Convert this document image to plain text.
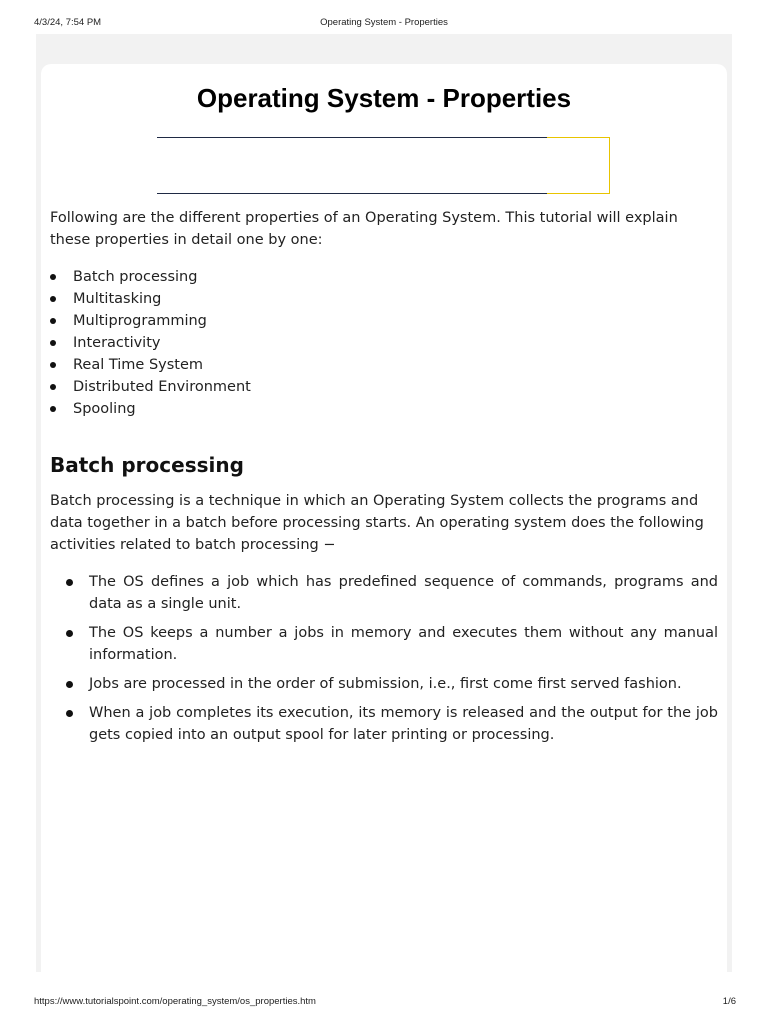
4/3/24, 7:54 PM	Operating System - Properties
Operating System - Properties

Following are the different properties of an Operating System. This tutorial will explain these properties in detail one by one:

Batch processing
Multitasking
Multiprogramming
Interactivity
Real Time System
Distributed Environment
Spooling
Batch processing

Batch processing is a technique in which an Operating System collects the programs and data together in a batch before processing starts. An operating system does the following activities related to batch processing −

The OS defines a job which has predefined sequence of commands, programs and data as a single unit.
The OS keeps a number a jobs in memory and executes them without any manual information.
Jobs are processed in the order of submission, i.e., first come first served fashion.
When a job completes its execution, its memory is released and the output for the job gets copied into an output spool for later printing or processing.
https://www.tutorialspoint.com/operating_system/os_properties.htm	1/6
